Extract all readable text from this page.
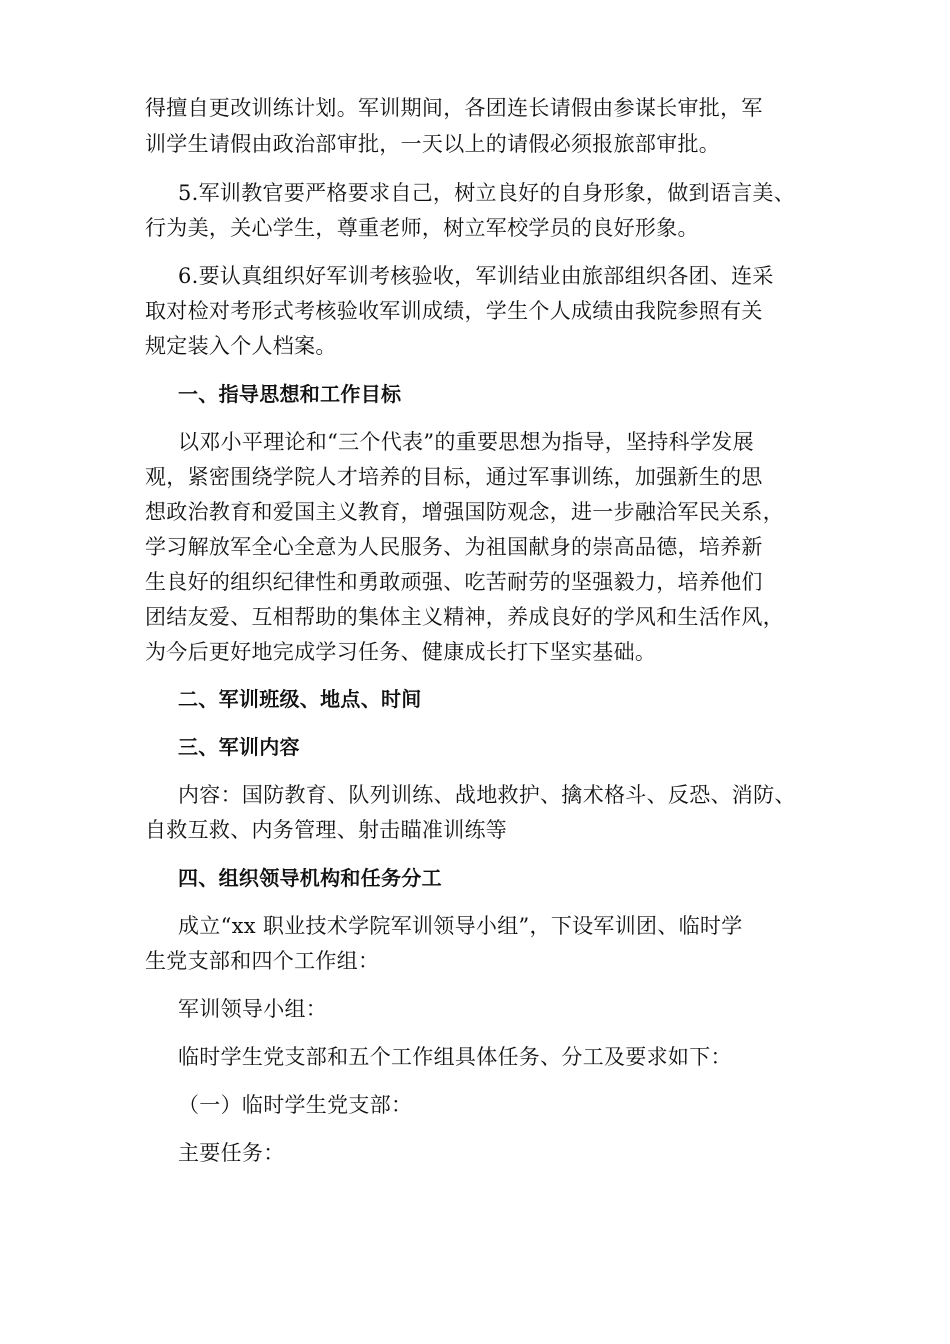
得擅自更改训练计划。军训期间，各团连长请假由参谋长审批，军
训学生请假由政治部审批，一天以上的请假必须报旅部审批。
5.军训教官要严格要求自己，树立良好的自身形象，做到语言美、
行为美，关心学生，尊重老师，树立军校学员的良好形象。
6.要认真组织好军训考核验收，军训结业由旅部组织各团、连采
取对检对考形式考核验收军训成绩，学生个人成绩由我院参照有关
规定装入个人档案。
一、指导思想和工作目标
以邓小平理论和“三个代表”的重要思想为指导，坚持科学发展
观，紧密围绕学院人才培养的目标，通过军事训练，加强新生的思
想政治教育和爱国主义教育，增强国防观念，进一步融洽军民关系，
学习解放军全心全意为人民服务、为祖国献身的崇高品德，培养新
生良好的组织纪律性和勇敢顽强、吃苦耐劳的坚强毅力，培养他们
团结友爱、互相帮助的集体主义精神，养成良好的学风和生活作风，
为今后更好地完成学习任务、健康成长打下坚实基础。
二、军训班级、地点、时间
三、军训内容
内容：国防教育、队列训练、战地救护、擒术格斗、反恐、消防、
自救互救、内务管理、射击瞄准训练等
四、组织领导机构和任务分工
成立“xx 职业技术学院军训领导小组”，下设军训团、临时学
生党支部和四个工作组：
军训领导小组：
临时学生党支部和五个工作组具体任务、分工及要求如下：
（一）临时学生党支部：
主要任务：
